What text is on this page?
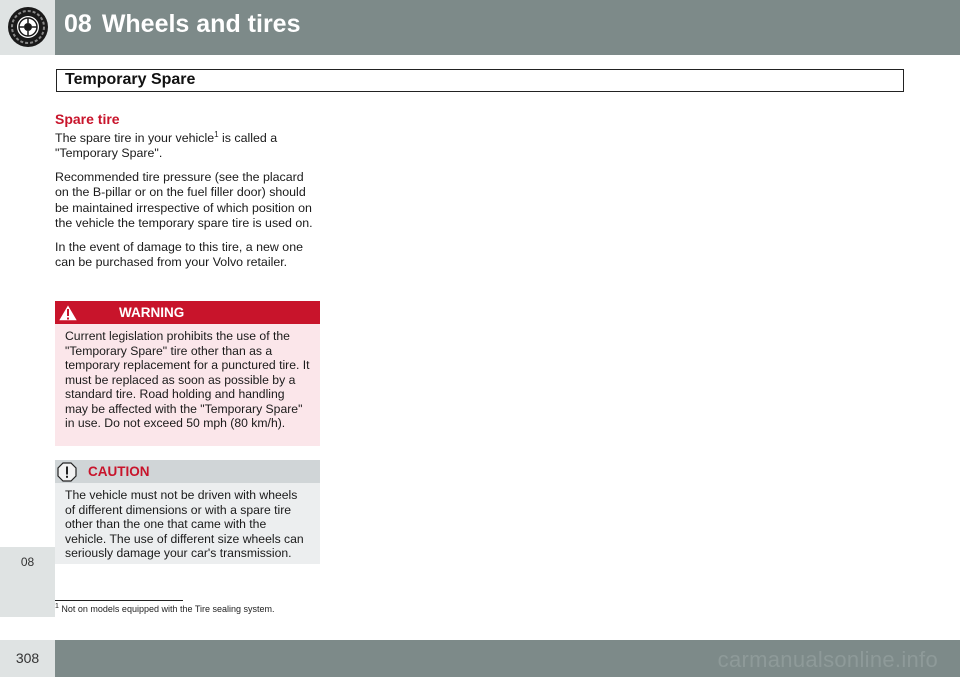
08 Wheels and tires
Temporary Spare
Spare tire

The spare tire in your vehicle$^1$ is called a "Temporary Spare".

Recommended tire pressure (see the placard on the B-pillar or on the fuel filler door) should be maintained irrespective of which position on the vehicle the temporary spare tire is used on.

In the event of damage to this tire, a new one can be purchased from your Volvo retailer.

WARNING
Current legislation prohibits the use of the "Temporary Spare" tire other than as a temporary replacement for a punctured tire. It must be replaced as soon as possible by a standard tire. Road holding and handling may be affected with the "Temporary Spare" in use. Do not exceed 50 mph (80 km/h).
CAUTION
The vehicle must not be driven with wheels of different dimensions or with a spare tire other than the one that came with the vehicle. The use of different size wheels can seriously damage your car's transmission.
$^1$ Not on models equipped with the Tire sealing system.
08
308	carmanualsonline.info
